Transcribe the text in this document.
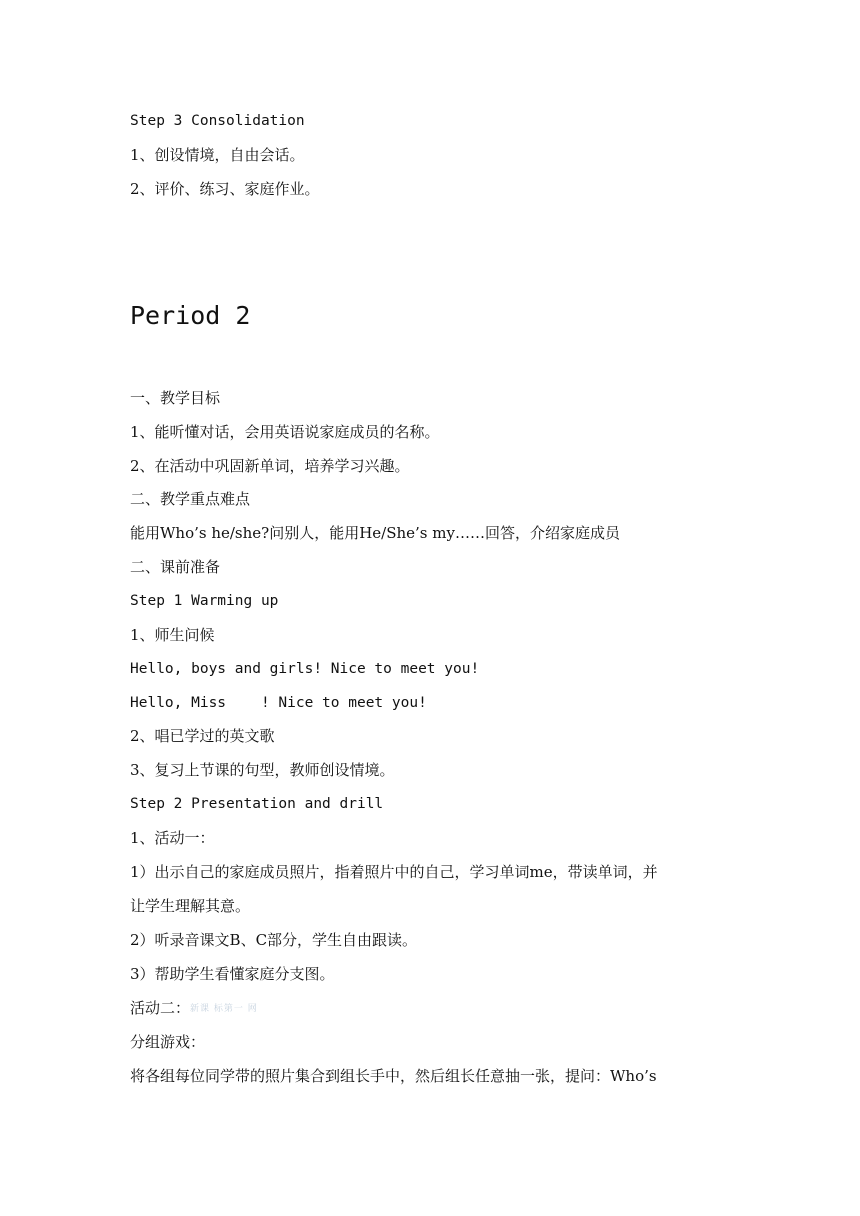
Step 3 Consolidation
1、创设情境，自由会话。
2、评价、练习、家庭作业。
Period 2
一、教学目标
1、能听懂对话，会用英语说家庭成员的名称。
2、在活动中巩固新单词，培养学习兴趣。
二、教学重点难点
能用Who’s he/she?问别人，能用He/She’s my……回答，介绍家庭成员
二、课前准备
Step 1 Warming up
1、师生问候
Hello, boys and girls! Nice to meet you!
Hello, Miss    ! Nice to meet you!
2、唱已学过的英文歌
3、复习上节课的句型，教师创设情境。
Step 2 Presentation and drill
1、活动一：
1）出示自己的家庭成员照片，指着照片中的自己，学习单词me，带读单词，并
让学生理解其意。
2）听录音课文B、C部分，学生自由跟读。
3）帮助学生看懂家庭分支图。
活动二：新课 标第一 网
分组游戏：
将各组每位同学带的照片集合到组长手中，然后组长任意抽一张，提问：Who’s
